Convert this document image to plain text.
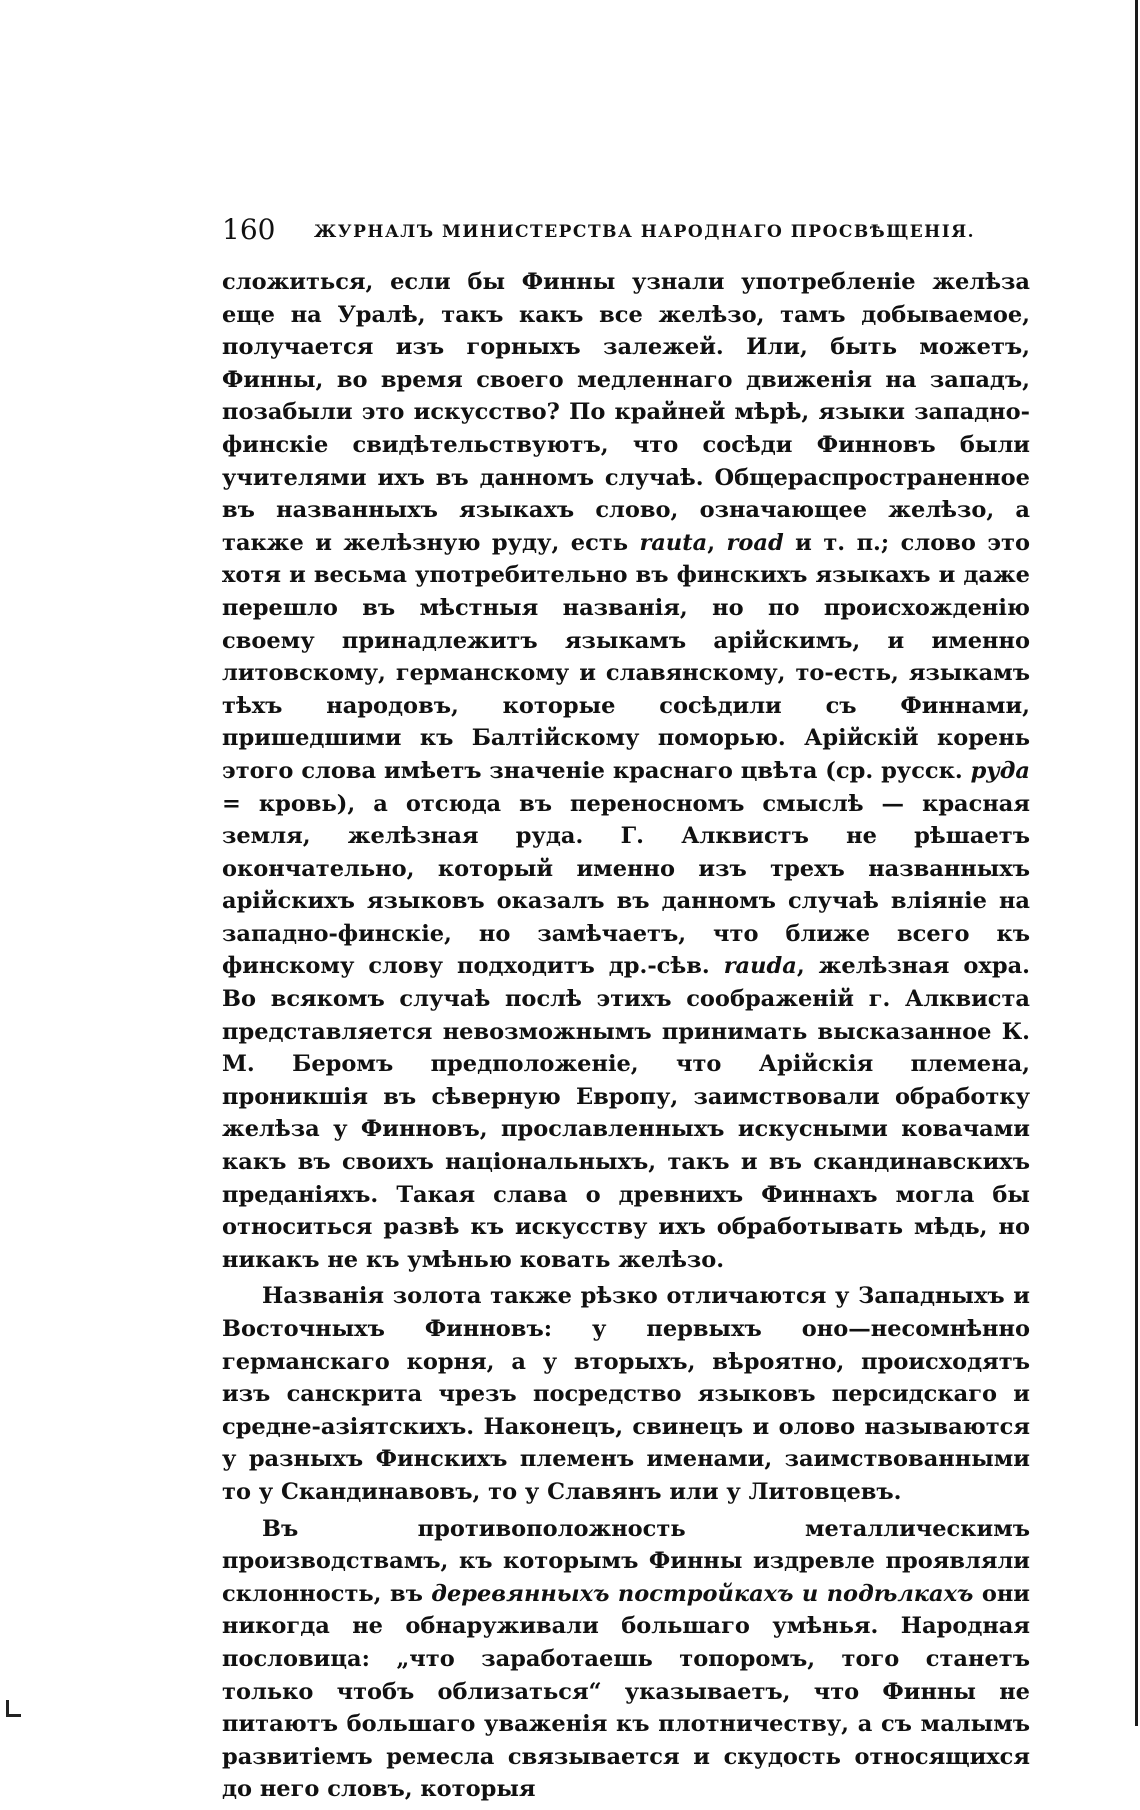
160 ЖУРНАЛЪ МИНИСТЕРСТВА НАРОДНАГО ПРОСВѢЩЕНІЯ.

сложиться, если бы Финны узнали употребленіе желѣза еще на Уралѣ, такъ какъ все желѣзо, тамъ добываемое, получается изъ горныхъ залежей. Или, быть можетъ, Финны, во время своего медленнаго движенія на западъ, позабыли это искусство? По крайней мѣрѣ, языки западно-финскіе свидѣтельствуютъ, что сосѣди Финновъ были учителями ихъ въ данномъ случаѣ. Общераспространенное въ названныхъ языкахъ слово, означающее желѣзо, а также и желѣзную руду, есть rauta, road и т. п.; слово это хотя и весьма употребительно въ финскихъ языкахъ и даже перешло въ мѣстныя названія, но по происхожденію своему принадлежитъ языкамъ арійскимъ, и именно литовскому, германскому и славянскому, то-есть, языкамъ тѣхъ народовъ, которые сосѣдили съ Финнами, пришедшими къ Балтійскому поморью. Арійскій корень этого слова имѣетъ значеніе краснаго цвѣта (ср. русск. руда = кровь), а отсюда въ переносномъ смыслѣ — красная земля, желѣзная руда. Г. Алквистъ не рѣшаетъ окончательно, который именно изъ трехъ названныхъ арійскихъ языковъ оказалъ въ данномъ случаѣ вліяніе на западно-финскіе, но замѣчаетъ, что ближе всего къ финскому слову подходитъ др.-сѣв. rauda, желѣзная охра. Во всякомъ случаѣ послѣ этихъ соображеній г. Алквиста представляется невозможнымъ принимать высказанное К. М. Беромъ предположеніе, что Арійскія племена, проникшія въ сѣверную Европу, заимствовали обработку желѣза у Финновъ, прославленныхъ искусными ковачами какъ въ своихъ національныхъ, такъ и въ скандинавскихъ преданіяхъ. Такая слава о древнихъ Финнахъ могла бы относиться развѣ къ искусству ихъ обработывать мѣдь, но никакъ не къ умѣнью ковать желѣзо.

Названія золота также рѣзко отличаются у Западныхъ и Восточныхъ Финновъ: у первыхъ оно—несомнѣнно германскаго корня, а у вторыхъ, вѣроятно, происходятъ изъ санскрита чрезъ посредство языковъ персидскаго и средне-азіятскихъ. Наконецъ, свинецъ и олово называются у разныхъ Финскихъ племенъ именами, заимствованными то у Скандинавовъ, то у Славянъ или у Литовцевъ.

Въ противоположность металлическимъ производствамъ, къ которымъ Финны издревле проявляли склонность, въ деревянныхъ постройкахъ и подѣлкахъ они никогда не обнаруживали большаго умѣнья. Народная пословица: „что заработаешь топоромъ, того станетъ только чтобъ облизаться“ указываетъ, что Финны не питаютъ большаго уваженія къ плотничеству, а съ малымъ развитіемъ ремесла связывается и скудость относящихся до него словъ, которыя
